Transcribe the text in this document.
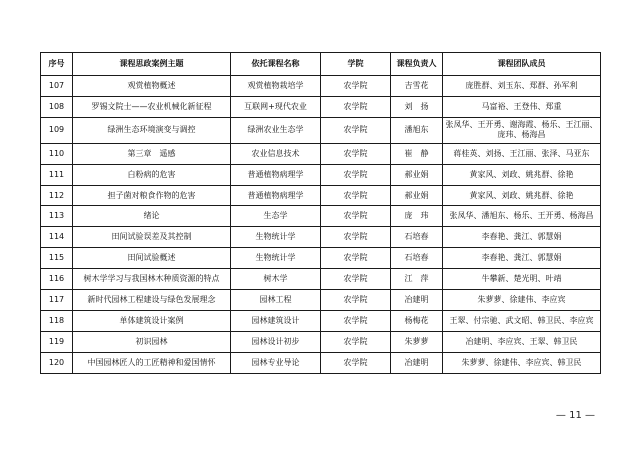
序号	课程思政案例主题	依托课程名称	学院	课程负责人	课程团队成员
107	观赏植物概述	观赏植物栽培学	农学院	吉雪花	庞胜群、刘玉东、郑群、孙军利
108	罗锡文院士——农业机械化新征程	互联网+现代农业	农学院	刘　扬	马富裕、王登伟、郑重
109	绿洲生态环境演变与调控	绿洲农业生态学	农学院	潘旭东	张凤华、王开勇、谢海霞、杨乐、王江丽、庞玮、杨海昌
110	第三章　遥感	农业信息技术	农学院	崔　静	蒋桂英、刘扬、王江丽、张泽、马亚东
111	白粉病的危害	普通植物病理学	农学院	郝业娟	黄家风、刘政、姚兆群、徐艳
112	担子菌对粮食作物的危害	普通植物病理学	农学院	郝业娟	黄家风、刘政、姚兆群、徐艳
113	绪论	生态学	农学院	庞　玮	张凤华、潘旭东、杨乐、王开勇、杨海昌
114	田间试验误差及其控制	生物统计学	农学院	石培春	李春艳、龚江、郭慧娟
115	田间试验概述	生物统计学	农学院	石培春	李春艳、龚江、郭慧娟
116	树木学学习与我国林木种质资源的特点	树木学	农学院	江　萍	牛攀新、楚光明、叶靖
117	新时代园林工程建设与绿色发展理念	园林工程	农学院	冶建明	朱萝萝、徐建伟、李应宾
118	单体建筑设计案例	园林建筑设计	农学院	杨梅花	王翠、付宗驰、武文昭、韩卫民、李应宾
119	初识园林	园林设计初步	农学院	朱萝萝	冶建明、李应宾、王翠、韩卫民
120	中国园林匠人的工匠精神和爱国情怀	园林专业导论	农学院	冶建明	朱萝萝、徐建伟、李应宾、韩卫民
— 11 —
